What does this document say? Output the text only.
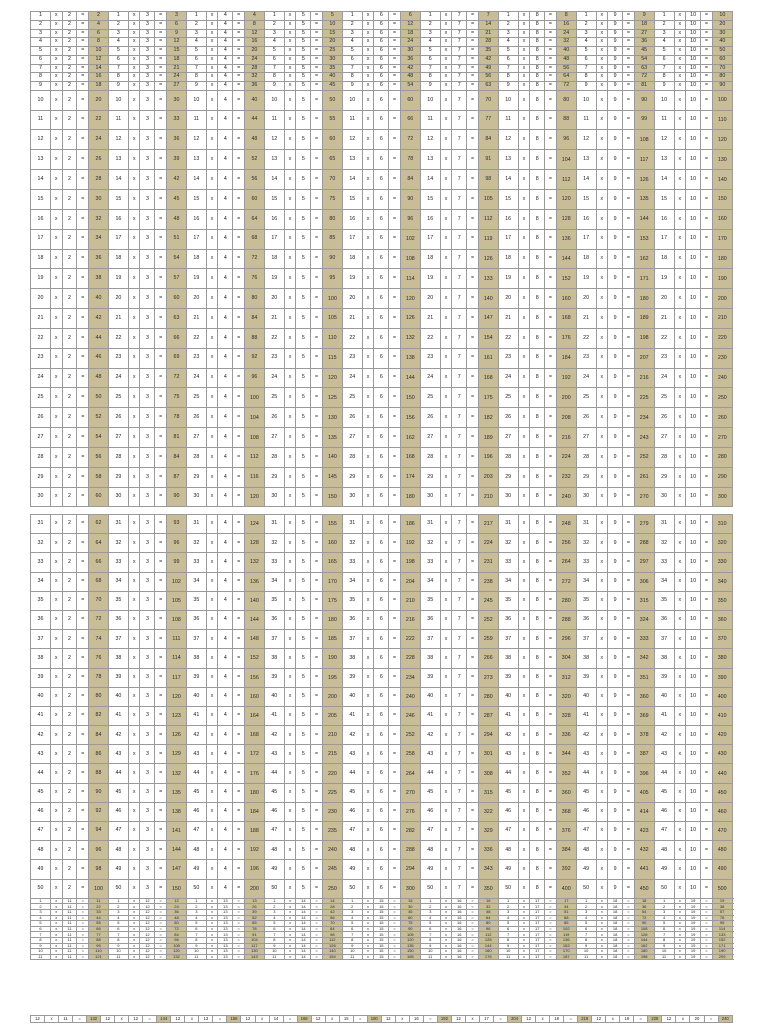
1	x	2	=	2	1	x	3	=	3	1	x	4	=	4	1	x	5	=	5	1	x	6	=	6	1	x	7	=	7	1	x	8	=	8	1	x	9	=	9	1	x	10	=	10
2	x	2	=	4	2	x	3	=	6	2	x	4	=	8	2	x	5	=	10	2	x	6	=	12	2	x	7	=	14	2	x	8	=	16	2	x	9	=	18	2	x	10	=	20
3	x	2	=	6	3	x	3	=	9	3	x	4	=	12	3	x	5	=	15	3	x	6	=	18	3	x	7	=	21	3	x	8	=	24	3	x	9	=	27	3	x	10	=	30
4	x	2	=	8	4	x	3	=	12	4	x	4	=	16	4	x	5	=	20	4	x	6	=	24	4	x	7	=	28	4	x	8	=	32	4	x	9	=	36	4	x	10	=	40
5	x	2	=	10	5	x	3	=	15	5	x	4	=	20	5	x	5	=	25	5	x	6	=	30	5	x	7	=	35	5	x	8	=	40	5	x	9	=	45	5	x	10	=	50
6	x	2	=	12	6	x	3	=	18	6	x	4	=	24	6	x	5	=	30	6	x	6	=	36	6	x	7	=	42	6	x	8	=	48	6	x	9	=	54	6	x	10	=	60
7	x	2	=	14	7	x	3	=	21	7	x	4	=	28	7	x	5	=	35	7	x	6	=	42	7	x	7	=	49	7	x	8	=	56	7	x	9	=	63	7	x	10	=	70
8	x	2	=	16	8	x	3	=	24	8	x	4	=	32	8	x	5	=	40	8	x	6	=	48	8	x	7	=	56	8	x	8	=	64	8	x	9	=	72	8	x	10	=	80
9	x	2	=	18	9	x	3	=	27	9	x	4	=	36	9	x	5	=	45	9	x	6	=	54	9	x	7	=	63	9	x	8	=	72	9	x	9	=	81	9	x	10	=	90
10	x	2	=	20	10	x	3	=	30	10	x	4	=	40	10	x	5	=	50	10	x	6	=	60	10	x	7	=	70	10	x	8	=	80	10	x	9	=	90	10	x	10	=	100
11	x	2	=	22	11	x	3	=	33	11	x	4	=	44	11	x	5	=	55	11	x	6	=	66	11	x	7	=	77	11	x	8	=	88	11	x	9	=	99	11	x	10	=	110
12	x	2	=	24	12	x	3	=	36	12	x	4	=	48	12	x	5	=	60	12	x	6	=	72	12	x	7	=	84	12	x	8	=	96	12	x	9	=	108	12	x	10	=	120
13	x	2	=	26	13	x	3	=	39	13	x	4	=	52	13	x	5	=	65	13	x	6	=	78	13	x	7	=	91	13	x	8	=	104	13	x	9	=	117	13	x	10	=	130
14	x	2	=	28	14	x	3	=	42	14	x	4	=	56	14	x	5	=	70	14	x	6	=	84	14	x	7	=	98	14	x	8	=	112	14	x	9	=	126	14	x	10	=	140
15	x	2	=	30	15	x	3	=	45	15	x	4	=	60	15	x	5	=	75	15	x	6	=	90	15	x	7	=	105	15	x	8	=	120	15	x	9	=	135	15	x	10	=	150
16	x	2	=	32	16	x	3	=	48	16	x	4	=	64	16	x	5	=	80	16	x	6	=	96	16	x	7	=	112	16	x	8	=	128	16	x	9	=	144	16	x	10	=	160
17	x	2	=	34	17	x	3	=	51	17	x	4	=	68	17	x	5	=	85	17	x	6	=	102	17	x	7	=	119	17	x	8	=	136	17	x	9	=	153	17	x	10	=	170
18	x	2	=	36	18	x	3	=	54	18	x	4	=	72	18	x	5	=	90	18	x	6	=	108	18	x	7	=	126	18	x	8	=	144	18	x	9	=	162	18	x	10	=	180
19	x	2	=	38	19	x	3	=	57	19	x	4	=	76	19	x	5	=	95	19	x	6	=	114	19	x	7	=	133	19	x	8	=	152	19	x	9	=	171	19	x	10	=	190
20	x	2	=	40	20	x	3	=	60	20	x	4	=	80	20	x	5	=	100	20	x	6	=	120	20	x	7	=	140	20	x	8	=	160	20	x	9	=	180	20	x	10	=	200
21	x	2	=	42	21	x	3	=	63	21	x	4	=	84	21	x	5	=	105	21	x	6	=	126	21	x	7	=	147	21	x	8	=	168	21	x	9	=	189	21	x	10	=	210
22	x	2	=	44	22	x	3	=	66	22	x	4	=	88	22	x	5	=	110	22	x	6	=	132	22	x	7	=	154	22	x	8	=	176	22	x	9	=	198	22	x	10	=	220
23	x	2	=	46	23	x	3	=	69	23	x	4	=	92	23	x	5	=	115	23	x	6	=	138	23	x	7	=	161	23	x	8	=	184	23	x	9	=	207	23	x	10	=	230
24	x	2	=	48	24	x	3	=	72	24	x	4	=	96	24	x	5	=	120	24	x	6	=	144	24	x	7	=	168	24	x	8	=	192	24	x	9	=	216	24	x	10	=	240
25	x	2	=	50	25	x	3	=	75	25	x	4	=	100	25	x	5	=	125	25	x	6	=	150	25	x	7	=	175	25	x	8	=	200	25	x	9	=	225	25	x	10	=	250
26	x	2	=	52	26	x	3	=	78	26	x	4	=	104	26	x	5	=	130	26	x	6	=	156	26	x	7	=	182	26	x	8	=	208	26	x	9	=	234	26	x	10	=	260
27	x	2	=	54	27	x	3	=	81	27	x	4	=	108	27	x	5	=	135	27	x	6	=	162	27	x	7	=	189	27	x	8	=	216	27	x	9	=	243	27	x	10	=	270
28	x	2	=	56	28	x	3	=	84	28	x	4	=	112	28	x	5	=	140	28	x	6	=	168	28	x	7	=	196	28	x	8	=	224	28	x	9	=	252	28	x	10	=	280
29	x	2	=	58	29	x	3	=	87	29	x	4	=	116	29	x	5	=	145	29	x	6	=	174	29	x	7	=	203	29	x	8	=	232	29	x	9	=	261	29	x	10	=	290
30	x	2	=	60	30	x	3	=	90	30	x	4	=	120	30	x	5	=	150	30	x	6	=	180	30	x	7	=	210	30	x	8	=	240	30	x	9	=	270	30	x	10	=	300
31	x	2	=	62	31	x	3	=	93	31	x	4	=	124	31	x	5	=	155	31	x	6	=	186	31	x	7	=	217	31	x	8	=	248	31	x	9	=	279	31	x	10	=	310	
32	x	2	=	64	32	x	3	=	96	32	x	4	=	128	32	x	5	=	160	32	x	6	=	192	32	x	7	=	224	32	x	8	=	256	32	x	9	=	288	32	x	10	=	320	
33	x	2	=	66	33	x	3	=	99	33	x	4	=	132	33	x	5	=	165	33	x	6	=	198	33	x	7	=	231	33	x	8	=	264	33	x	9	=	297	33	x	10	=	330	
34	x	2	=	68	34	x	3	=	102	34	x	4	=	136	34	x	5	=	170	34	x	6	=	204	34	x	7	=	238	34	x	8	=	272	34	x	9	=	306	34	x	10	=	340	
35	x	2	=	70	35	x	3	=	105	35	x	4	=	140	35	x	5	=	175	35	x	6	=	210	35	x	7	=	245	35	x	8	=	280	35	x	9	=	315	35	x	10	=	350	
36	x	2	=	72	36	x	3	=	108	36	x	4	=	144	36	x	5	=	180	36	x	6	=	216	36	x	7	=	252	36	x	8	=	288	36	x	9	=	324	36	x	10	=	360	
37	x	2	=	74	37	x	3	=	111	37	x	4	=	148	37	x	5	=	185	37	x	6	=	222	37	x	7	=	259	37	x	8	=	296	37	x	9	=	333	37	x	10	=	370	
38	x	2	=	76	38	x	3	=	114	38	x	4	=	152	38	x	5	=	190	38	x	6	=	228	38	x	7	=	266	38	x	8	=	304	38	x	9	=	342	38	x	10	=	380	
39	x	2	=	78	39	x	3	=	117	39	x	4	=	156	39	x	5	=	195	39	x	6	=	234	39	x	7	=	273	39	x	8	=	312	39	x	9	=	351	39	x	10	=	390	
40	x	2	=	80	40	x	3	=	120	40	x	4	=	160	40	x	5	=	200	40	x	6	=	240	40	x	7	=	280	40	x	8	=	320	40	x	9	=	360	40	x	10	=	400	
41	x	2	=	82	41	x	3	=	123	41	x	4	=	164	41	x	5	=	205	41	x	6	=	246	41	x	7	=	287	41	x	8	=	328	41	x	9	=	369	41	x	10	=	410	
42	x	2	=	84	42	x	3	=	126	42	x	4	=	168	42	x	5	=	210	42	x	6	=	252	42	x	7	=	294	42	x	8	=	336	42	x	9	=	378	42	x	10	=	420	
43	x	2	=	86	43	x	3	=	129	43	x	4	=	172	43	x	5	=	215	43	x	6	=	258	43	x	7	=	301	43	x	8	=	344	43	x	9	=	387	43	x	10	=	430	
44	x	2	=	88	44	x	3	=	132	44	x	4	=	176	44	x	5	=	220	44	x	6	=	264	44	x	7	=	308	44	x	8	=	352	44	x	9	=	396	44	x	10	=	440	
45	x	2	=	90	45	x	3	=	135	45	x	4	=	180	45	x	5	=	225	45	x	6	=	270	45	x	7	=	315	45	x	8	=	360	45	x	9	=	405	45	x	10	=	450	
46	x	2	=	92	46	x	3	=	138	46	x	4	=	184	46	x	5	=	230	46	x	6	=	276	46	x	7	=	322	46	x	8	=	368	46	x	9	=	414	46	x	10	=	460	
47	x	2	=	94	47	x	3	=	141	47	x	4	=	188	47	x	5	=	235	47	x	6	=	282	47	x	7	=	329	47	x	8	=	376	47	x	9	=	423	47	x	10	=	470	
48	x	2	=	96	48	x	3	=	144	48	x	4	=	192	48	x	5	=	240	48	x	6	=	288	48	x	7	=	336	48	x	8	=	384	48	x	9	=	432	48	x	10	=	480	
49	x	2	=	98	49	x	3	=	147	49	x	4	=	196	49	x	5	=	245	49	x	6	=	294	49	x	7	=	343	49	x	8	=	392	49	x	9	=	441	49	x	10	=	490	
50	x	2	=	100	50	x	3	=	150	50	x	4	=	200	50	x	5	=	250	50	x	6	=	300	50	x	7	=	350	50	x	8	=	400	50	x	9	=	450	50	x	10	=	500	
1	x	11	=	11	1	x	12	=	12	1	x	13	=	13	1	x	14	=	14	1	x	15	=	15	1	x	16	=	16	1	x	17	=	17	1	x	18	=	18	1	x	19	=	19					
2	x	11	=	22	2	x	12	=	24	2	x	13	=	26	2	x	14	=	28	2	x	15	=	30	2	x	16	=	32	2	x	17	=	34	2	x	18	=	36	2	x	19	=	38					
3	x	11	=	33	3	x	12	=	36	3	x	13	=	39	3	x	14	=	42	3	x	15	=	45	3	x	16	=	48	3	x	17	=	51	3	x	18	=	54	3	x	19	=	57					
4	x	11	=	44	4	x	12	=	48	4	x	13	=	52	4	x	14	=	56	4	x	15	=	60	4	x	16	=	64	4	x	17	=	68	4	x	18	=	72	4	x	19	=	76					
5	x	11	=	55	5	x	12	=	60	5	x	13	=	65	5	x	14	=	70	5	x	15	=	75	5	x	16	=	80	5	x	17	=	85	5	x	18	=	90	5	x	19	=	95					
6	x	11	=	66	6	x	12	=	72	6	x	13	=	78	6	x	14	=	84	6	x	15	=	90	6	x	16	=	96	6	x	17	=	102	6	x	18	=	108	6	x	19	=	114					
7	x	11	=	77	7	x	12	=	84	7	x	13	=	91	7	x	14	=	98	7	x	15	=	105	7	x	16	=	112	7	x	17	=	119	7	x	18	=	126	7	x	19	=	133					
8	x	11	=	88	8	x	12	=	96	8	x	13	=	104	8	x	14	=	112	8	x	15	=	120	8	x	16	=	128	8	x	17	=	136	8	x	18	=	144	8	x	19	=	152					
9	x	11	=	99	9	x	12	=	108	9	x	13	=	117	9	x	14	=	126	9	x	15	=	135	9	x	16	=	144	9	x	17	=	153	9	x	18	=	162	9	x	19	=	171					
10	x	11	=	110	10	x	12	=	120	10	x	13	=	130	10	x	14	=	140	10	x	15	=	150	10	x	16	=	160	10	x	17	=	170	10	x	18	=	180	10	x	19	=	190					
11	x	11	=	121	11	x	12	=	132	11	x	13	=	143	11	x	14	=	154	11	x	15	=	165	11	x	16	=	176	11	x	17	=	187	11	x	18	=	198	11	x	19	=	209					
12	x	11	=	132	12	x	12	=	144	12	x	13	=	156	12	x	14	=	168	12	x	15	=	180	12	x	16	=	192	12	x	17	=	204	12	x	18	=	216	12	x	19	=	228	12	x	20	=	240
